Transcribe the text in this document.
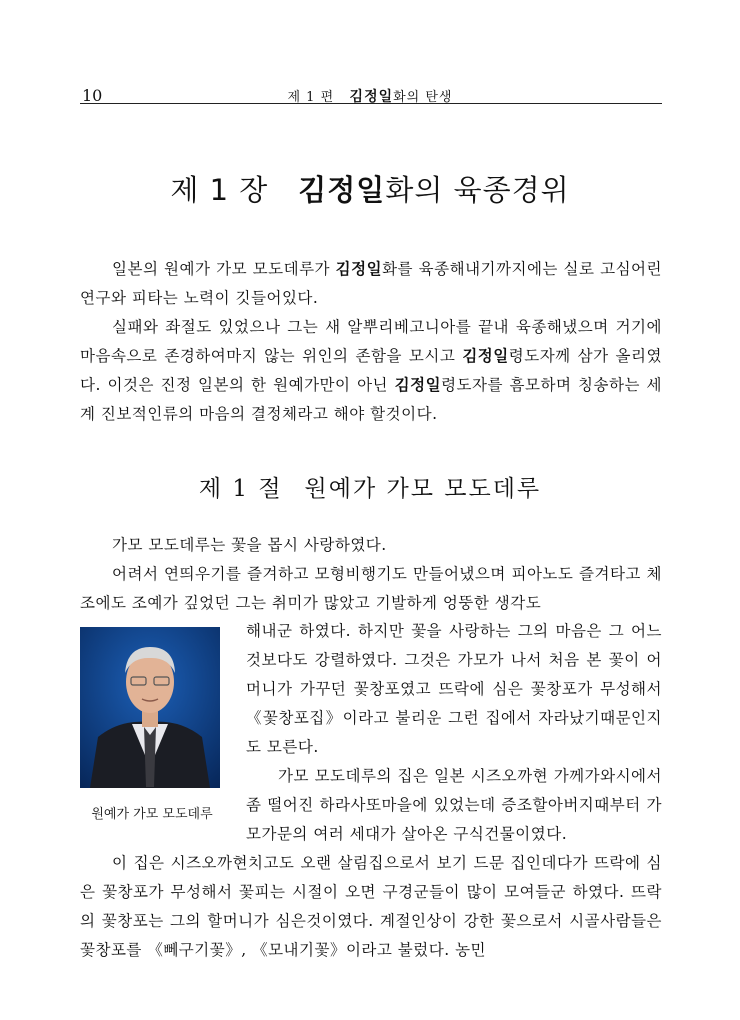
10	제 1 편 김정일화의 탄생
제 1 장 김정일화의 육종경위
일본의 원예가 가모 모도데루가 김정일화를 육종해내기까지에는 실로 고심어린 연구와 피타는 노력이 깃들어있다.
실패와 좌절도 있었으나 그는 새 알뿌리베고니아를 끝내 육종해냈으며 거기에 마음속으로 존경하여마지 않는 위인의 존함을 모시고 김정일령도자께 삼가 올리였다. 이것은 진정 일본의 한 원예가만이 아닌 김정일령도자를 흠모하며 칭송하는 세계 진보적인류의 마음의 결정체라고 해야 할것이다.
제 1 절 원예가 가모 모도데루
가모 모도데루는 꽃을 몹시 사랑하였다.
어려서 연띄우기를 즐겨하고 모형비행기도 만들어냈으며 피아노도 즐겨타고 체조에도 조예가 깊었던 그는 취미가 많았고 기발하게 엉뚱한 생각도
원예가 가모 모도데루
해내군 하였다. 하지만 꽃을 사랑하는 그의 마음은 그 어느것보다도 강렬하였다. 그것은 가모가 나서 처음 본 꽃이 어머니가 가꾸던 꽃창포였고 뜨락에 심은 꽃창포가 무성해서 《꽃창포집》이라고 불리운 그런 집에서 자라났기때문인지도 모른다.
가모 모도데루의 집은 일본 시즈오까현 가께가와시에서 좀 떨어진 하라사또마을에 있었는데 증조할아버지때부터 가모가문의 여러 세대가 살아온 구식건물이였다.
이 집은 시즈오까현치고도 오랜 살림집으로서 보기 드문 집인데다가 뜨락에 심은 꽃창포가 무성해서 꽃피는 시절이 오면 구경군들이 많이 모여들군 하였다. 뜨락의 꽃창포는 그의 할머니가 심은것이였다. 계절인상이 강한 꽃으로서 시골사람들은 꽃창포를 《뻬구기꽃》, 《모내기꽃》이라고 불렀다. 농민
